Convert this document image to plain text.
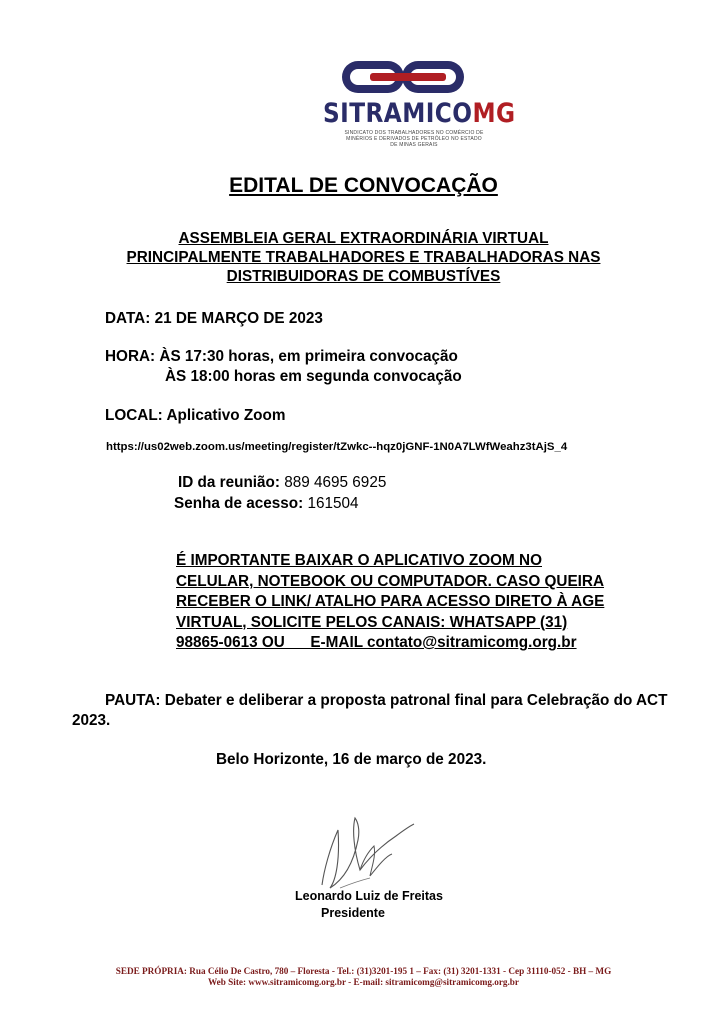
SITRAMICOMG
SINDICATO DOS TRABALHADORES NO COMÉRCIO DE MINÉRIOS E DERIVADOS DE PETRÓLEO NO ESTADO DE MINAS GERAIS
EDITAL DE CONVOCAÇÃO
ASSEMBLEIA GERAL EXTRAORDINÁRIA VIRTUAL
PRINCIPALMENTE TRABALHADORES E TRABALHADORAS NAS
DISTRIBUIDORAS DE COMBUSTÍVES
DATA: 21 DE MARÇO DE 2023
HORA: ÀS 17:30 horas, em primeira convocação
ÀS 18:00 horas em segunda convocação
LOCAL: Aplicativo Zoom
https://us02web.zoom.us/meeting/register/tZwkc--hqz0jGNF-1N0A7LWfWeahz3tAjS_4
ID da reunião: 889 4695 6925
Senha de acesso: 161504
É IMPORTANTE BAIXAR O APLICATIVO ZOOM NO
CELULAR, NOTEBOOK OU COMPUTADOR. CASO QUEIRA
RECEBER O LINK/ ATALHO PARA ACESSO DIRETO À AGE
VIRTUAL, SOLICITE PELOS CANAIS: WHATSAPP (31)
98865-0613 OU      E-MAIL contato@sitramicomg.org.br
PAUTA: Debater e deliberar a proposta patronal final para Celebração do ACT 2023.
Belo Horizonte, 16 de março de 2023.
Leonardo Luiz de Freitas
Presidente
SEDE PRÓPRIA: Rua Célio De Castro, 780 – Floresta - Tel.: (31)3201-195 1 – Fax: (31) 3201-1331 - Cep 31110-052 - BH – MG
Web Site: www.sitramicomg.org.br - E-mail: sitramicomg@sitramicomg.org.br
